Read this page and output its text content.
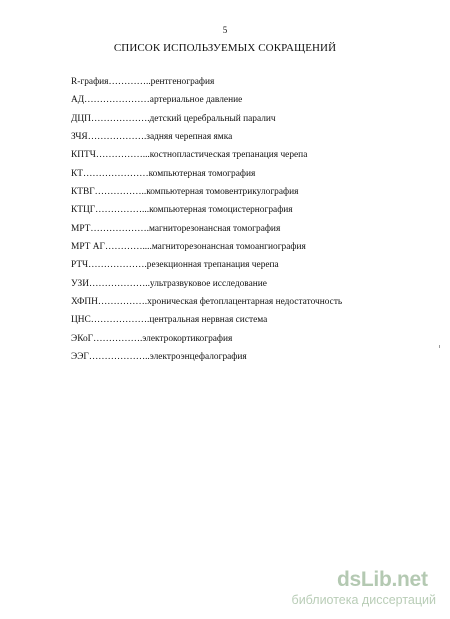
5
СПИСОК ИСПОЛЬЗУЕМЫХ СОКРАЩЕНИЙ
R-графия ………….. рентгенография
АД ………………… артериальное давление
ДЦП ………………. детский церебральный паралич
ЗЧЯ ………………. задняя черепная ямка
КПТЧ ……………. ..костнопластическая трепанация черепа
КТ ………………… компьютерная томография
КТВГ …………….. компьютерная томовентрикулография
КТЦГ ……………. ..компьютерная томоцистернография
МРТ ………………. магниторезонансная томография
МРТ АГ ………….. ..магниторезонансная томоангиография
РТЧ ………………. резекционная трепанация черепа
УЗИ ……………….. ультразвуковое исследование
ХФПН ……………. хроническая фетоплацентарная недостаточность
ЦНС ………………. центральная нервная система
ЭКоГ ……………. электрокортикография
ЭЭГ ……………….. электроэнцефалография
dsLib.net
библиотека диссертаций
